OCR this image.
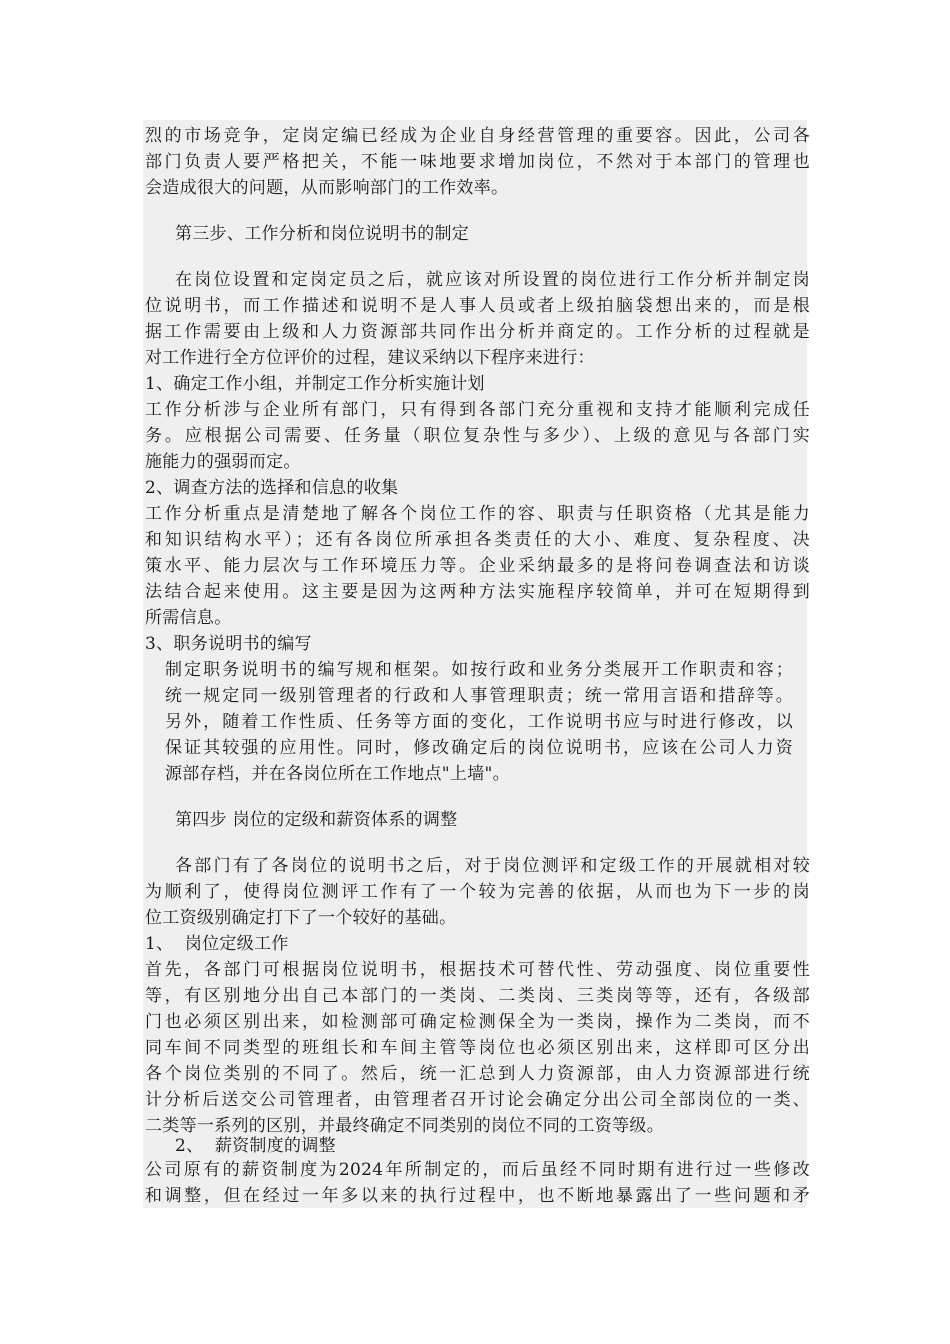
烈的市场竞争，定岗定编已经成为企业自身经营管理的重要容。因此，公司各
部门负责人要严格把关，不能一味地要求增加岗位，不然对于本部门的管理也
会造成很大的问题，从而影响部门的工作效率。
第三步、工作分析和岗位说明书的制定
在岗位设置和定岗定员之后，就应该对所设置的岗位进行工作分析并制定岗
位说明书，而工作描述和说明不是人事人员或者上级拍脑袋想出来的，而是根
据工作需要由上级和人力资源部共同作出分析并商定的。工作分析的过程就是
对工作进行全方位评价的过程，建议采纳以下程序来进行：
1、确定工作小组，并制定工作分析实施计划
工作分析涉与企业所有部门，只有得到各部门充分重视和支持才能顺利完成任
务。应根据公司需要、任务量（职位复杂性与多少）、上级的意见与各部门实
施能力的强弱而定。
2、调查方法的选择和信息的收集
工作分析重点是清楚地了解各个岗位工作的容、职责与任职资格（尤其是能力
和知识结构水平）；还有各岗位所承担各类责任的大小、难度、复杂程度、决
策水平、能力层次与工作环境压力等。企业采纳最多的是将问卷调查法和访谈
法结合起来使用。这主要是因为这两种方法实施程序较简单，并可在短期得到
所需信息。
3、职务说明书的编写
制定职务说明书的编写规和框架。如按行政和业务分类展开工作职责和容；
统一规定同一级别管理者的行政和人事管理职责；统一常用言语和措辞等。
另外，随着工作性质、任务等方面的变化，工作说明书应与时进行修改，以
保证其较强的应用性。同时，修改确定后的岗位说明书，应该在公司人力资
源部存档，并在各岗位所在工作地点"上墙"。
第四步 岗位的定级和薪资体系的调整
各部门有了各岗位的说明书之后，对于岗位测评和定级工作的开展就相对较
为顺利了，使得岗位测评工作有了一个较为完善的依据，从而也为下一步的岗
位工资级别确定打下了一个较好的基础。
1、  岗位定级工作
首先，各部门可根据岗位说明书，根据技术可替代性、劳动强度、岗位重要性
等，有区别地分出自己本部门的一类岗、二类岗、三类岗等等，还有，各级部
门也必须区别出来，如检测部可确定检测保全为一类岗，操作为二类岗，而不
同车间不同类型的班组长和车间主管等岗位也必须区别出来，这样即可区分出
各个岗位类别的不同了。然后，统一汇总到人力资源部，由人力资源部进行统
计分析后送交公司管理者，由管理者召开讨论会确定分出公司全部岗位的一类、
二类等一系列的区别，并最终确定不同类别的岗位不同的工资等级。
2、  薪资制度的调整
公司原有的薪资制度为2024年所制定的，而后虽经不同时期有进行过一些修改
和调整，但在经过一年多以来的执行过程中，也不断地暴露出了一些问题和矛
